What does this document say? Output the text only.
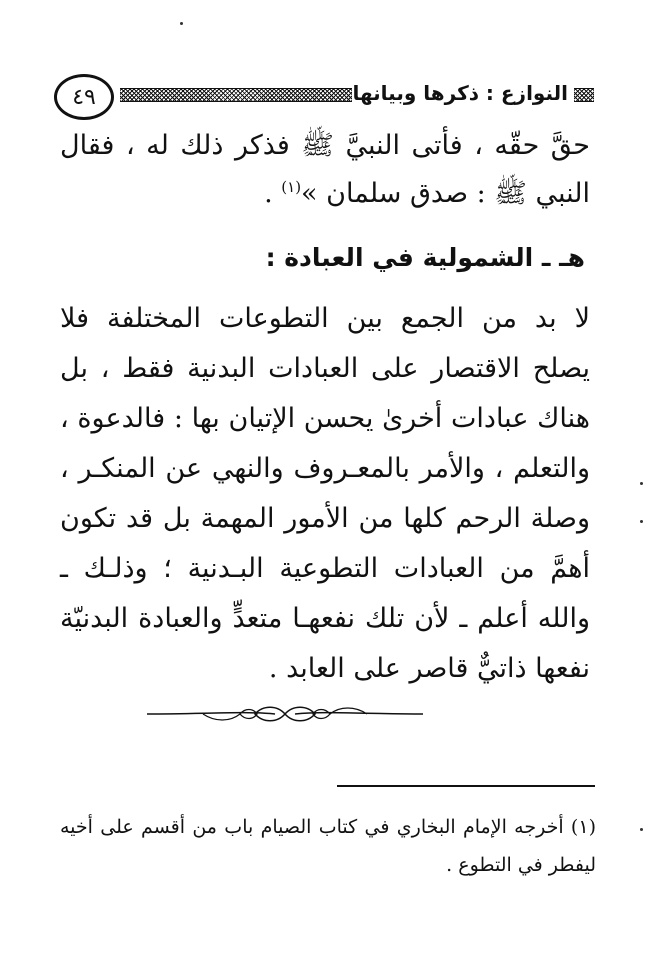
٤٩	النوازع : ذكرها وبيانها
حقَّ حقّه ، فأتى النبيَّ ﷺ فذكر ذلك له ، فقال النبي ﷺ : صدق سلمان »$^{(١)}$ .
هـ ـ الشمولية في العبادة :
لا بد من الجمع بين التطوعات المختلفة فلا يصلح الاقتصار على العبادات البدنية فقط ، بل هناك عبادات أخرىٰ يحسن الإتيان بها : فالدعوة ، والتعلم ، والأمر بالمعـروف والنهي عن المنكـر ، وصلة الرحم كلها من الأمور المهمة بل قد تكون أهمَّ من العبادات التطوعية البـدنية ؛ وذلـك ـ والله أعلم ـ لأن تلك نفعهـا متعدٍّ والعبادة البدنيّة نفعها ذاتيٌّ قاصر على العابد .
(١) أخرجه الإمام البخاري في كتاب الصيام باب من أقسم على أخيه ليفطر في التطوع .
